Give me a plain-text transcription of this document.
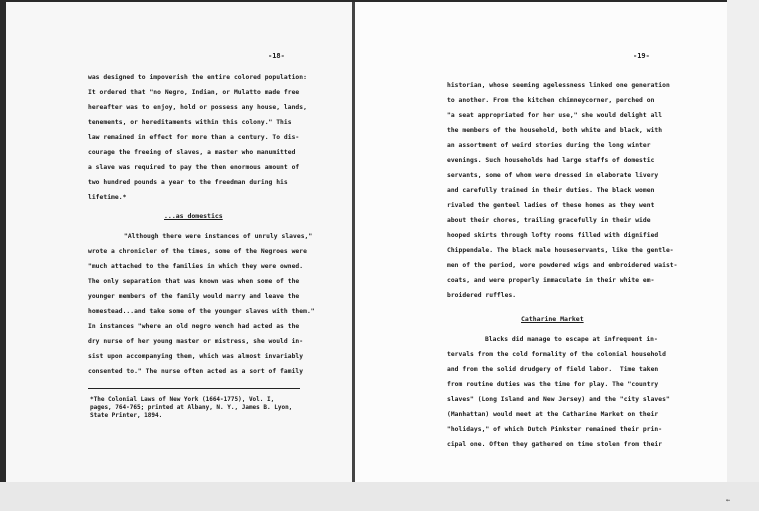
-18-
was designed to impoverish the entire colored population:
It ordered that "no Negro, Indian, or Mulatto made free
hereafter was to enjoy, hold or possess any house, lands,
tenements, or hereditaments within this colony." This
law remained in effect for more than a century. To dis-
courage the freeing of slaves, a master who manumitted
a slave was required to pay the then enormous amount of
two hundred pounds a year to the freedman during his
lifetime.*
...as domestics
"Although there were instances of unruly slaves,"
wrote a chronicler of the times, some of the Negroes were
"much attached to the families in which they were owned.
The only separation that was known was when some of the
younger members of the family would marry and leave the
homestead...and take some of the younger slaves with them."
In instances "where an old negro wench had acted as the
dry nurse of her young master or mistress, she would in-
sist upon accompanying them, which was almost invariably
consented to." The nurse often acted as a sort of family
*The Colonial Laws of New York (1664-1775), Vol. I,
pages, 764-765; printed at Albany, N. Y., James B. Lyon,
State Printer, 1894.
-19-
historian, whose seeming agelessness linked one generation
to another. From the kitchen chimneycorner, perched on
"a seat appropriated for her use," she would delight all
the members of the household, both white and black, with
an assortment of weird stories during the long winter
evenings. Such households had large staffs of domestic
servants, some of whom were dressed in elaborate livery
and carefully trained in their duties. The black women
rivaled the genteel ladies of these homes as they went
about their chores, trailing gracefully in their wide
hooped skirts through lofty rooms filled with dignified
Chippendale. The black male houseservants, like the gentle-
men of the period, wore powdered wigs and embroidered waist-
coats, and were properly immaculate in their white em-
broidered ruffles.
Catharine Market
Blacks did manage to escape at infrequent in-
tervals from the cold formality of the colonial household
and from the solid drudgery of field labor.  Time taken
from routine duties was the time for play. The "country
slaves" (Long Island and New Jersey) and the "city slaves"
(Manhattan) would meet at the Catharine Market on their
"holidays," of which Dutch Pinkster remained their prin-
cipal one. Often they gathered on time stolen from their
←
